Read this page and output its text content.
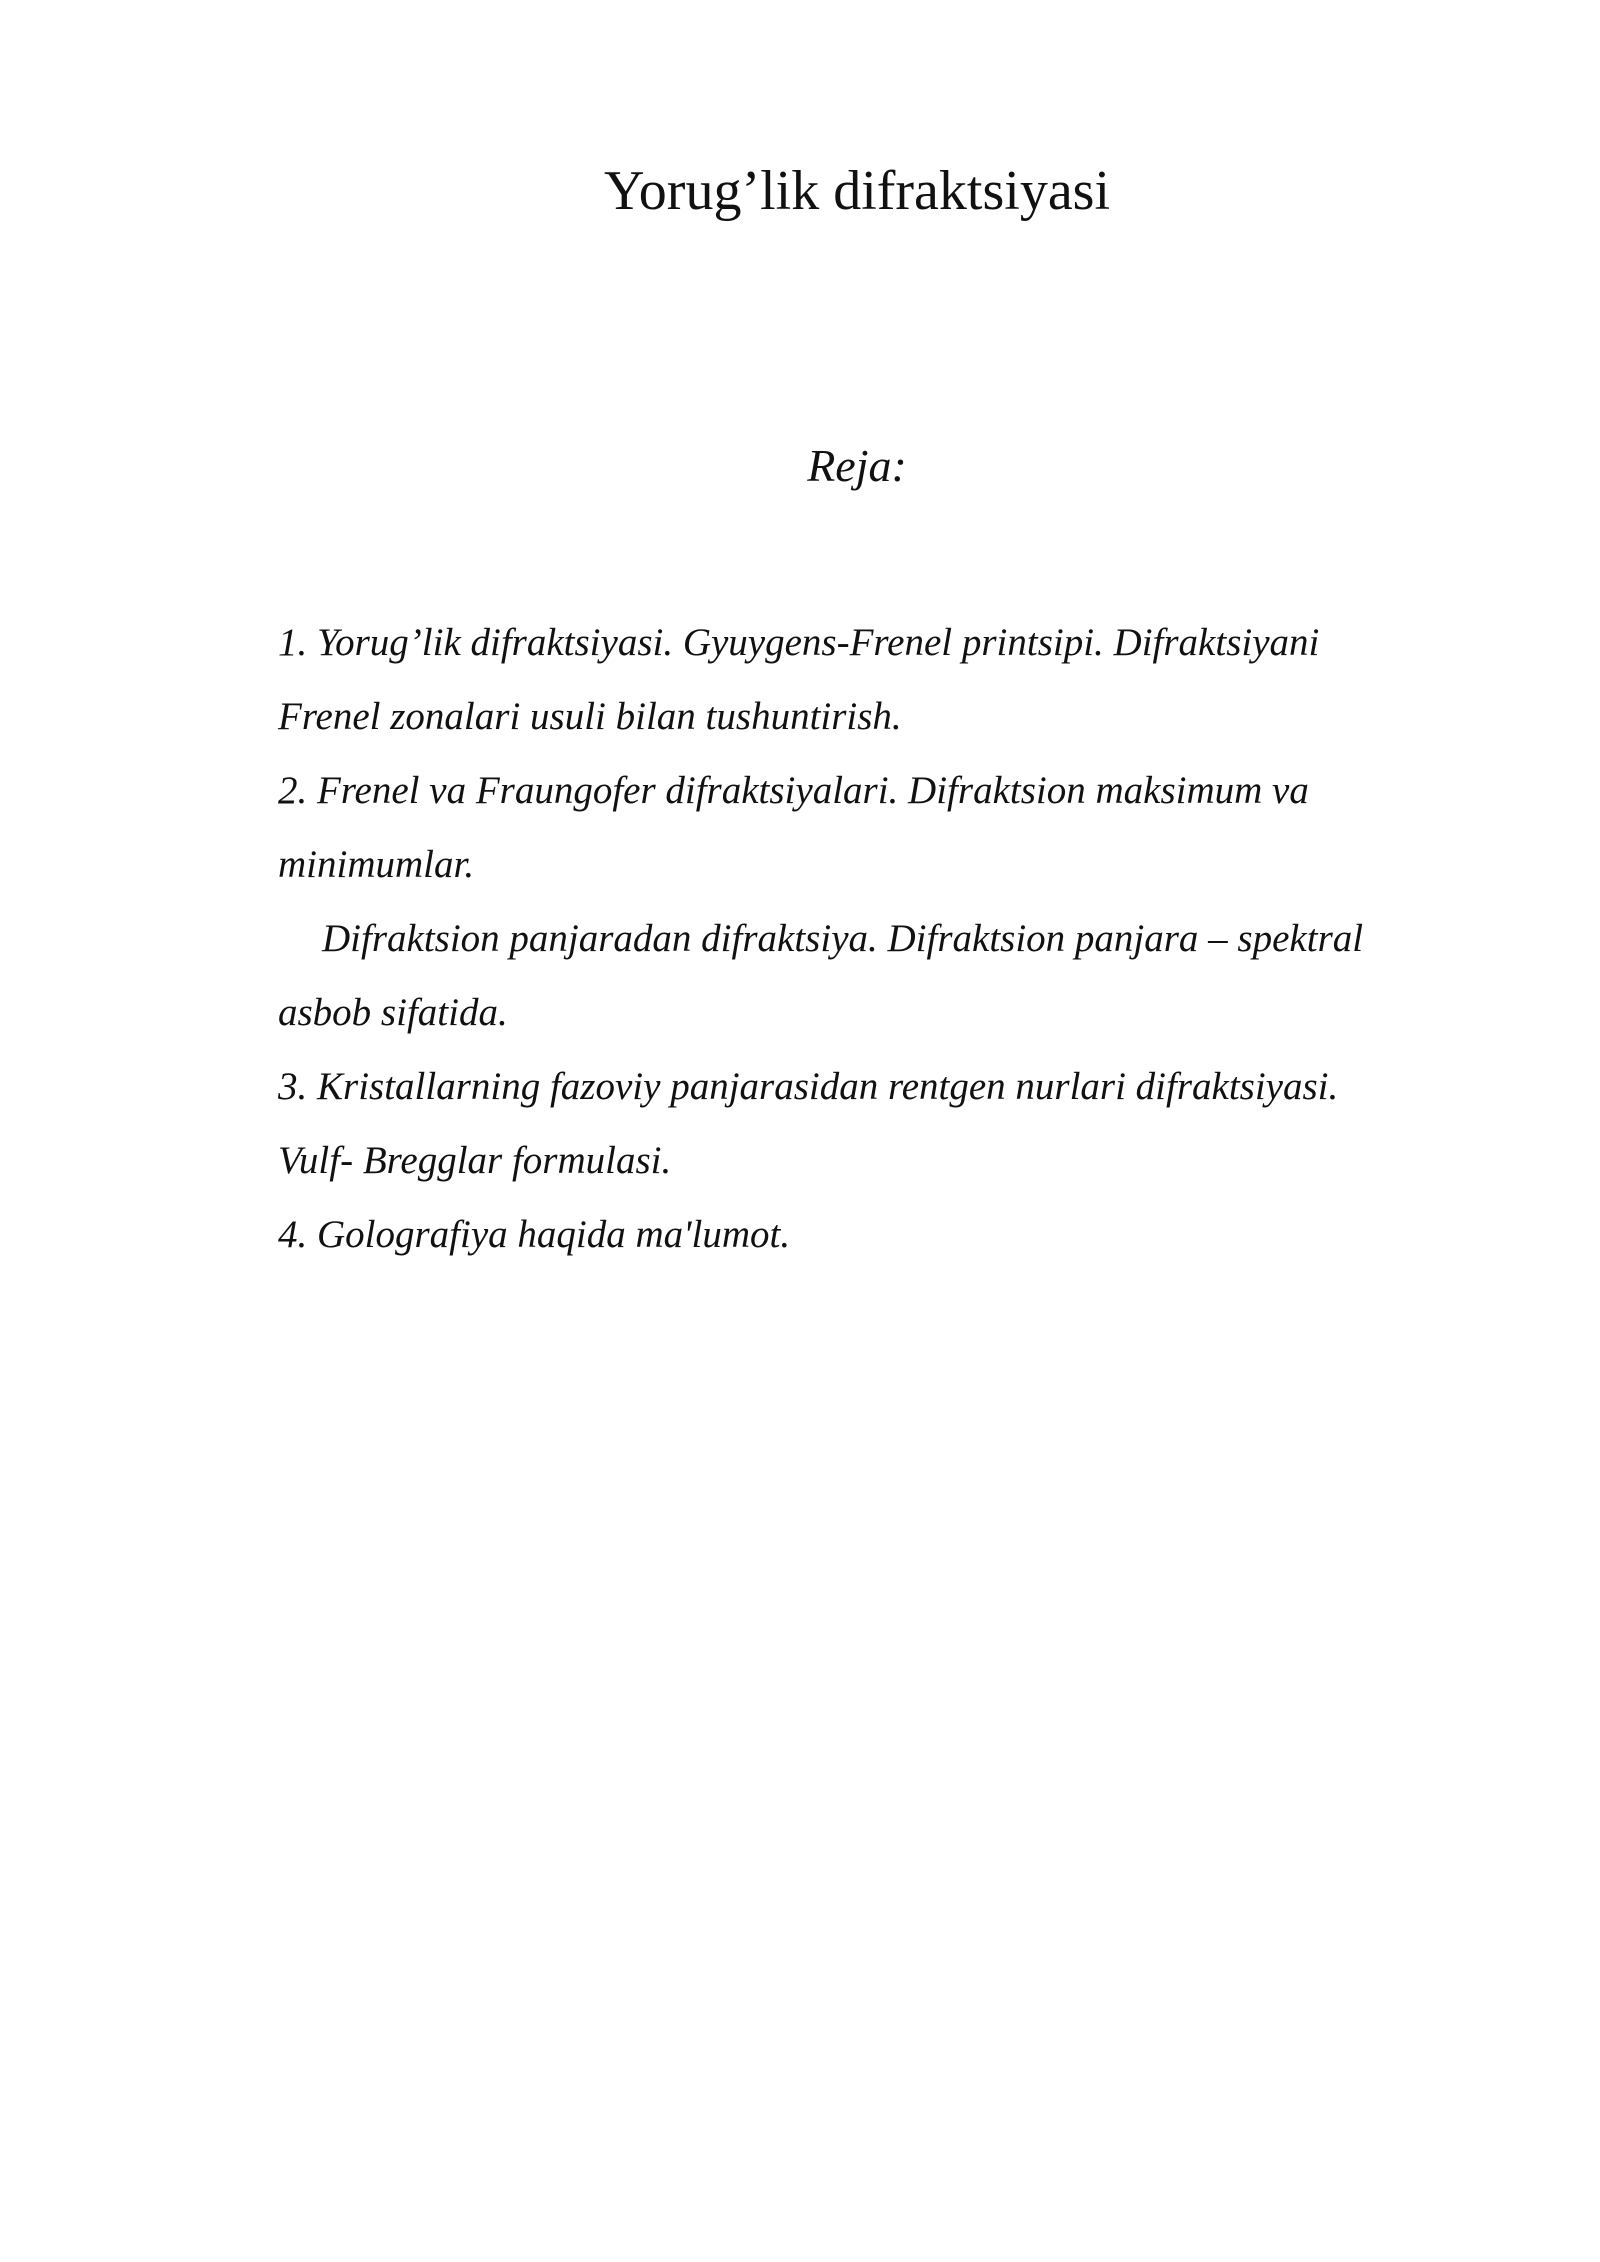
Yorug’lik difraktsiyasi
Reja:
1. Yorug’lik difraktsiyasi. Gyuygens-Frenel printsipi. Difraktsiyani
Frenel zonalari usuli bilan tushuntirish.
2. Frenel va Fraungofer difraktsiyalari. Difraktsion maksimum va
minimumlar.
Difraktsion panjaradan difraktsiya. Difraktsion panjara – spektral
asbob sifatida.
3. Kristallarning fazoviy panjarasidan rentgen nurlari difraktsiyasi.
Vulf- Bregglar formulasi.
4. Golografiya haqida ma'lumot.
